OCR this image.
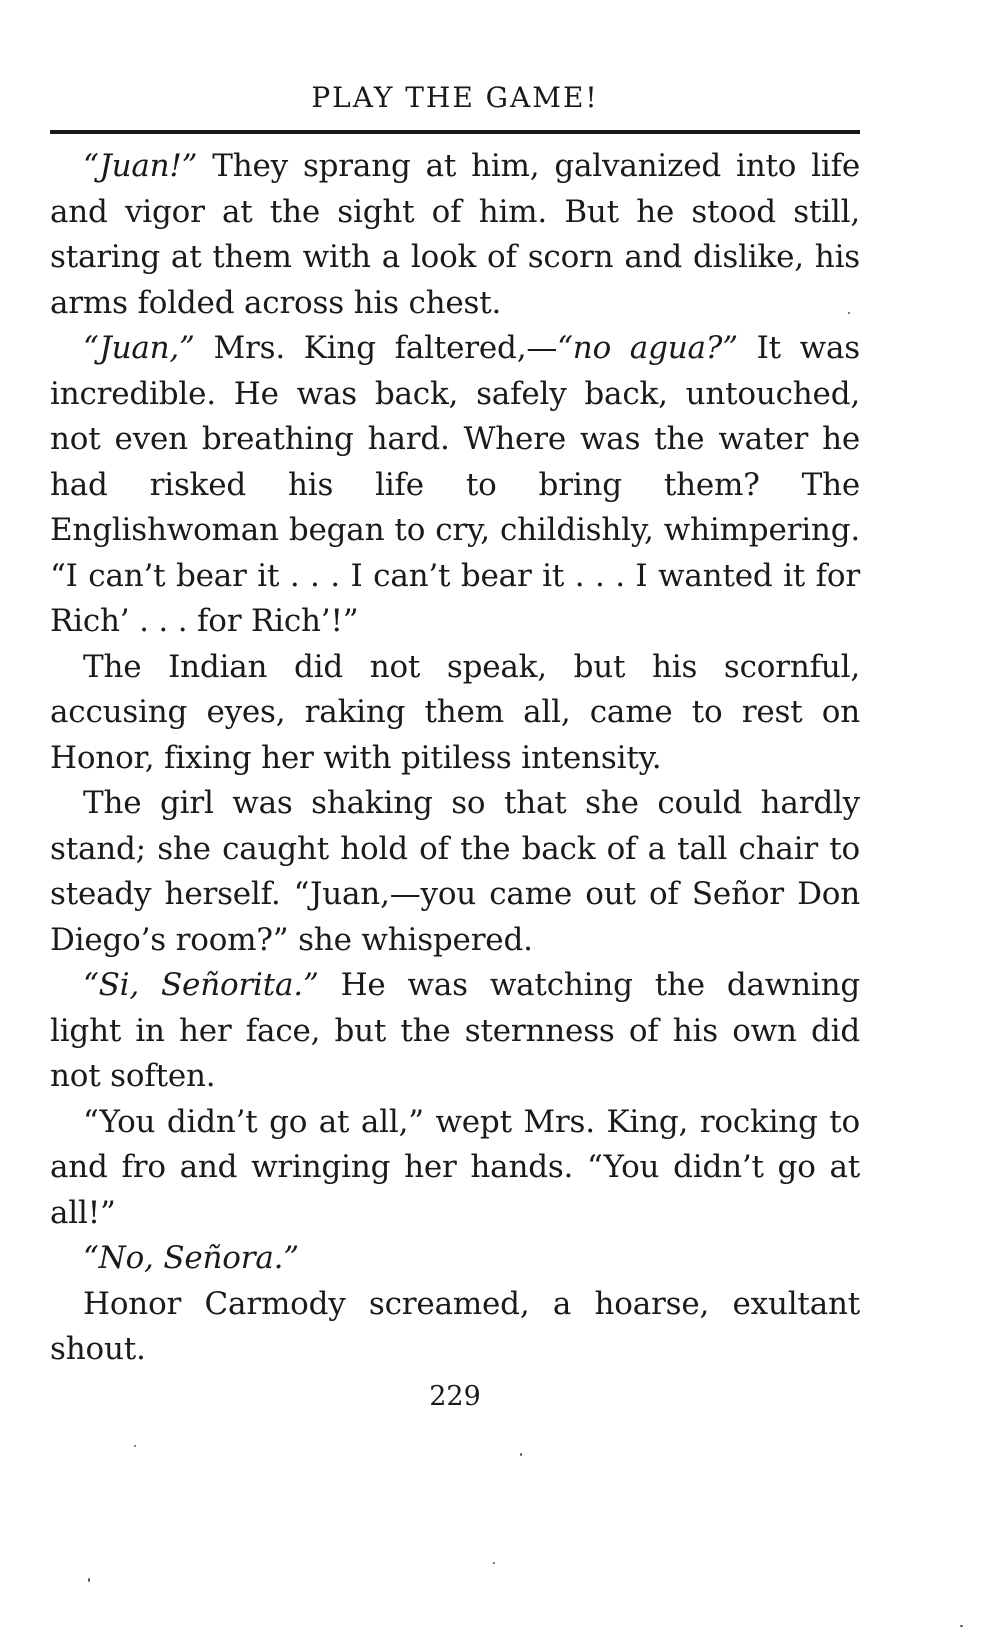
PLAY THE GAME!

“Juan!” They sprang at him, galvanized into life and vigor at the sight of him. But he stood still, staring at them with a look of scorn and dislike, his arms folded across his chest.

“Juan,” Mrs. King faltered,—“no agua?” It was incredible. He was back, safely back, untouched, not even breathing hard. Where was the water he had risked his life to bring them? The Englishwoman began to cry, childishly, whimpering. “I can’t bear it . . . I can’t bear it . . . I wanted it for Rich’ . . . for Rich’!”

The Indian did not speak, but his scornful, accusing eyes, raking them all, came to rest on Honor, fixing her with pitiless intensity.

The girl was shaking so that she could hardly stand; she caught hold of the back of a tall chair to steady herself. “Juan,—you came out of Señor Don Diego’s room?” she whispered.

“Si, Señorita.” He was watching the dawning light in her face, but the sternness of his own did not soften.

“You didn’t go at all,” wept Mrs. King, rocking to and fro and wringing her hands. “You didn’t go at all!”

“No, Señora.”

Honor Carmody screamed, a hoarse, exultant shout.

229
